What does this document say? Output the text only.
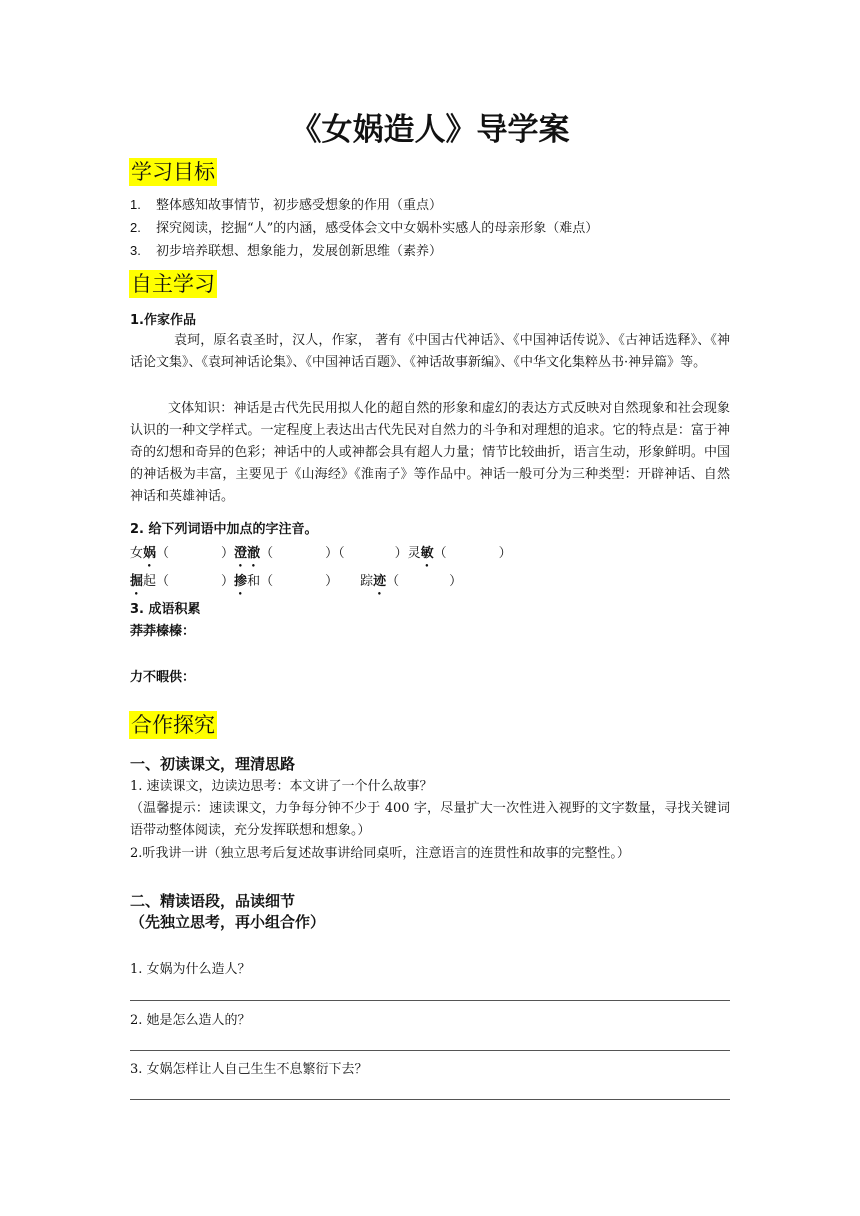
《女娲造人》导学案
学习目标
1. 整体感知故事情节，初步感受想象的作用（重点）
2. 探究阅读，挖掘“人”的内涵，感受体会文中女娲朴实感人的母亲形象（难点）
3. 初步培养联想、想象能力，发展创新思维（素养）
自主学习
1.作家作品
袁珂，原名袁圣时，汉人，作家， 著有《中国古代神话》、《中国神话传说》、《古神话选释》、《神话论文集》、《袁珂神话论集》、《中国神话百题》、《神话故事新编》、《中华文化集粹丛书·神异篇》等。
文体知识：神话是古代先民用拟人化的超自然的形象和虚幻的表达方式反映对自然现象和社会现象认识的一种文学样式。一定程度上表达出古代先民对自然力的斗争和对理想的追求。它的特点是：富于神奇的幻想和奇异的色彩；神话中的人或神都会具有超人力量；情节比较曲折，语言生动，形象鲜明。中国的神话极为丰富，主要见于《山海经》《淮南子》等作品中。神话一般可分为三种类型：开辟神话、自然神话和英雄神话。
2. 给下列词语中加点的字注音。
女娲（	）澄澈（	）（	）灵敏（	）
掘起（	）掺和（	） 踪迹（	）
3. 成语积累
莽莽榛榛：
力不暇供：
合作探究
一、初读课文，理清思路
1. 速读课文，边读边思考：本文讲了一个什么故事？
（温馨提示：速读课文，力争每分钟不少于 400 字，尽量扩大一次性进入视野的文字数量，寻找关键词语带动整体阅读，充分发挥联想和想象。）
2.听我讲一讲（独立思考后复述故事讲给同桌听，注意语言的连贯性和故事的完整性。）
二、精读语段，品读细节
（先独立思考，再小组合作）
1. 女娲为什么造人？
2. 她是怎么造人的？
3. 女娲怎样让人自己生生不息繁衍下去？
